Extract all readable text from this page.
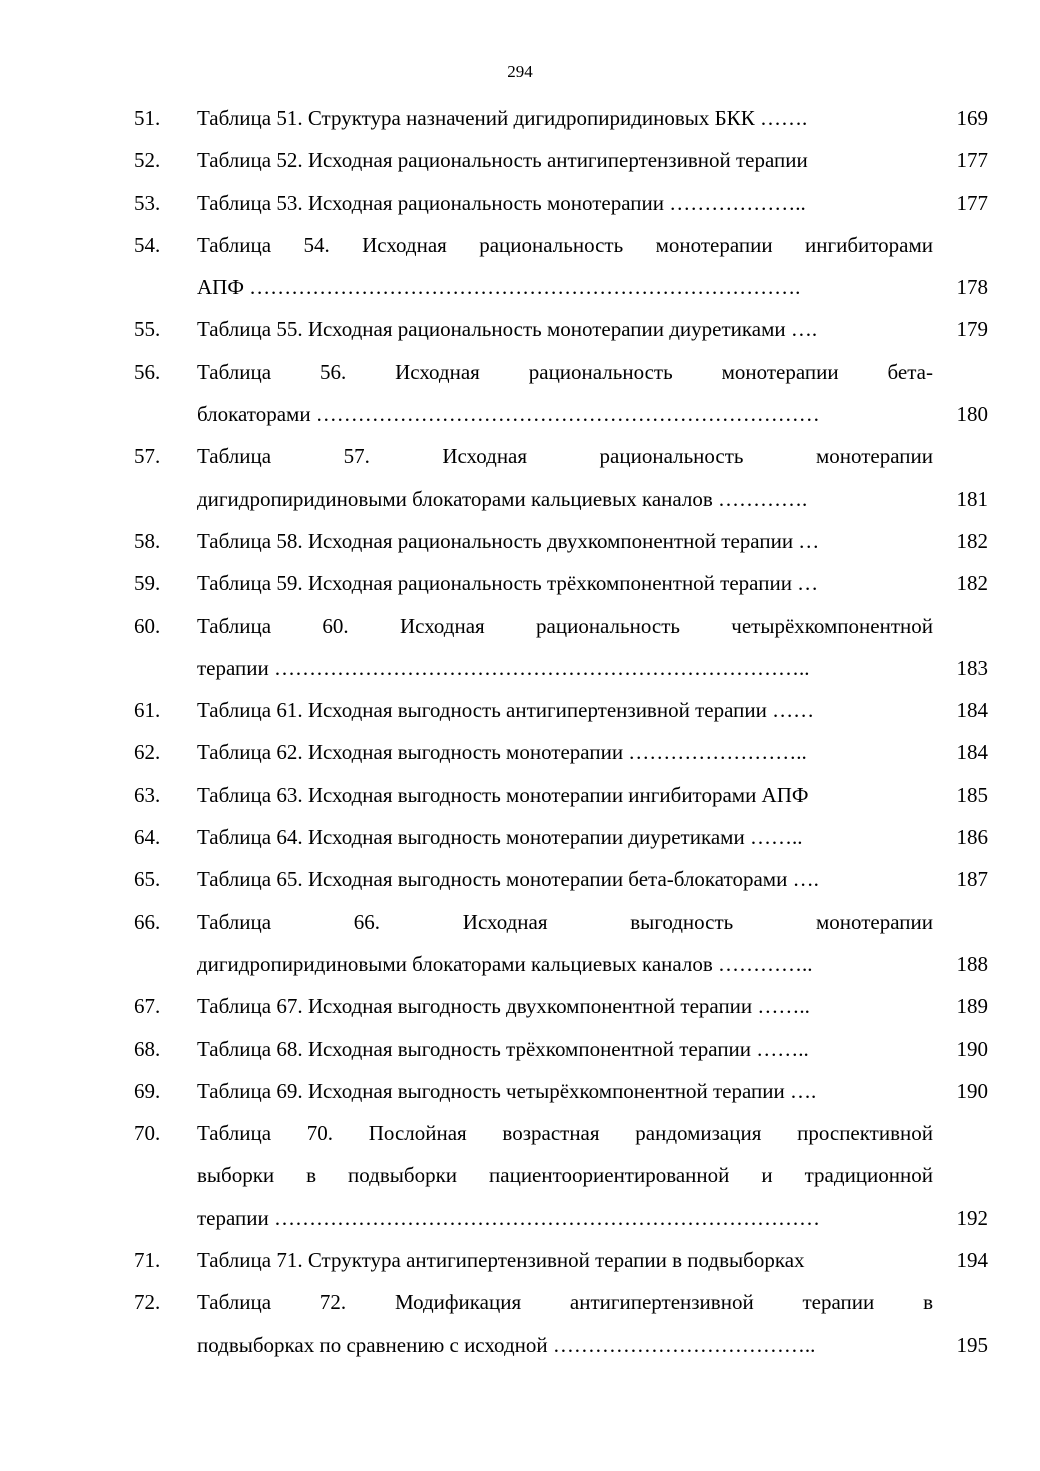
294
51. Таблица 51. Структура назначений дигидропиридиновых БКК …….	169
52. Таблица 52. Исходная рациональность антигипертензивной терапии	177
53. Таблица 53. Исходная рациональность монотерапии ………………..	177
54. Таблица 54. Исходная рациональность монотерапии ингибиторами
АПФ …………………………………………………………………….	178
55. Таблица 55. Исходная рациональность монотерапии диуретиками ….	179
56. Таблица 56. Исходная рациональность монотерапии бета-
блокаторами ………………………………………………………………	180
57. Таблица 57. Исходная рациональность монотерапии
дигидропиридиновыми блокаторами кальциевых каналов ………….	181
58. Таблица 58. Исходная рациональность двухкомпонентной терапии …	182
59. Таблица 59. Исходная рациональность трёхкомпонентной терапии …	182
60. Таблица 60. Исходная рациональность четырёхкомпонентной
терапии …………………………………………………………………..	183
61. Таблица 61. Исходная выгодность антигипертензивной терапии ……	184
62. Таблица 62. Исходная выгодность монотерапии ……………………..	184
63. Таблица 63. Исходная выгодность монотерапии ингибиторами АПФ	185
64. Таблица 64. Исходная выгодность монотерапии диуретиками ……..	186
65. Таблица 65. Исходная выгодность монотерапии бета-блокаторами ….	187
66. Таблица 66. Исходная выгодность монотерапии
дигидропиридиновыми блокаторами кальциевых каналов …………..	188
67. Таблица 67. Исходная выгодность двухкомпонентной терапии ……..	189
68. Таблица 68. Исходная выгодность трёхкомпонентной терапии ……..	190
69. Таблица 69. Исходная выгодность четырёхкомпонентной терапии ….	190
70. Таблица 70. Послойная возрастная рандомизация проспективной
выборки в подвыборки пациентоориентированной и традиционной
терапии ……………………………………………………………………	192
71. Таблица 71. Структура антигипертензивной терапии в подвыборках	194
72. Таблица 72. Модификация антигипертензивной терапии в
подвыборках по сравнению с исходной ………………………………..	195
